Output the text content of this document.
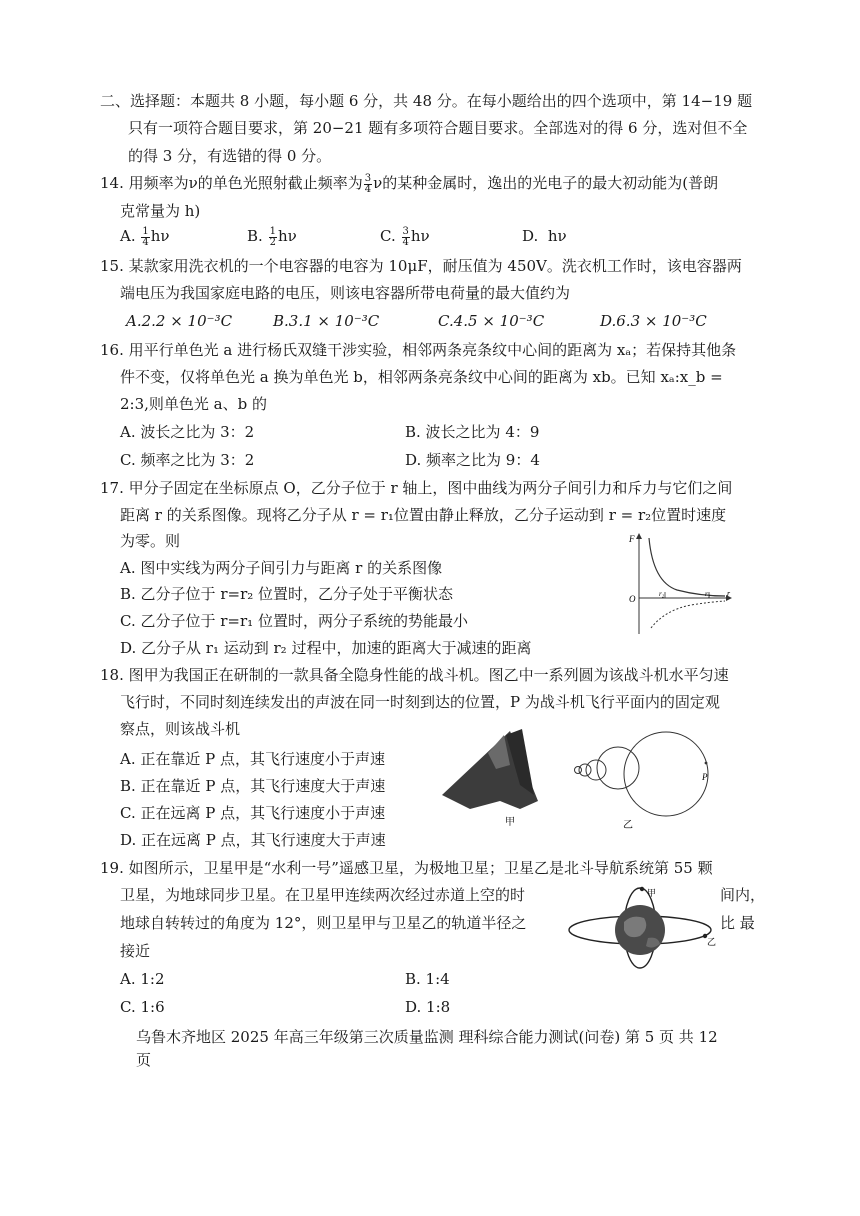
二、选择题：本题共 8 小题，每小题 6 分，共 48 分。在每小题给出的四个选项中，第 14−19 题
只有一项符合题目要求，第 20−21 题有多项符合题目要求。全部选对的得 6 分，选对但不全
的得 3 分，有选错的得 0 分。
14. 用频率为ν的单色光照射截止频率为 $\frac{3}{4}$ ν的某种金属时，逸出的光电子的最大初动能为(普朗
克常量为 h)
A. $\frac{1}{4}$ hν	B. $\frac{1}{2}$ hν	C. $\frac{3}{4}$ hν	D. hν
15. 某款家用洗衣机的一个电容器的电容为 10μF，耐压值为 450V。洗衣机工作时，该电容器两
端电压为我国家庭电路的电压，则该电容器所带电荷量的最大值约为
A.2.2 × 10⁻³C	B.3.1 × 10⁻³C	C.4.5 × 10⁻³C	D.6.3 × 10⁻³C
16. 用平行单色光 a 进行杨氏双缝干涉实验，相邻两条亮条纹中心间的距离为 xₐ；若保持其他条
件不变，仅将单色光 a 换为单色光 b，相邻两条亮条纹中心间的距离为 xb。已知 xₐ:x_b =
2:3,则单色光 a、b 的
A. 波长之比为 3：2	B. 波长之比为 4：9
C. 频率之比为 3：2	D. 频率之比为 9：4
17. 甲分子固定在坐标原点 O，乙分子位于 r 轴上，图中曲线为两分子间引力和斥力与它们之间
距离 r 的关系图像。现将乙分子从 r = r₁位置由静止释放，乙分子运动到 r = r₂位置时速度
为零。则
A. 图中实线为两分子间引力与距离 r 的关系图像
B. 乙分子位于 r=r₂ 位置时，乙分子处于平衡状态
C. 乙分子位于 r=r₁ 位置时，两分子系统的势能最小
D. 乙分子从 r₁ 运动到 r₂ 过程中，加速的距离大于减速的距离
F
O
r
r₂	r₁
18. 图甲为我国正在研制的一款具备全隐身性能的战斗机。图乙中一系列圆为该战斗机水平匀速
飞行时，不同时刻连续发出的声波在同一时刻到达的位置，P 为战斗机飞行平面内的固定观
察点，则该战斗机
A. 正在靠近 P 点，其飞行速度小于声速
B. 正在靠近 P 点，其飞行速度大于声速
C. 正在远离 P 点，其飞行速度小于声速
D. 正在远离 P 点，其飞行速度大于声速
甲
P
乙
19. 如图所示，卫星甲是“水利一号”遥感卫星，为极地卫星；卫星乙是北斗导航系统第 55 颗
卫星，为地球同步卫星。在卫星甲连续两次经过赤道上空的时	间内，
地球自转转过的角度为 12°，则卫星甲与卫星乙的轨道半径之	比 最
接近
A. 1:2	B. 1:4
C. 1:6	D. 1:8
甲
乙
乌鲁木齐地区 2025 年高三年级第三次质量监测 理科综合能力测试(问卷) 第 5 页 共 12
页
